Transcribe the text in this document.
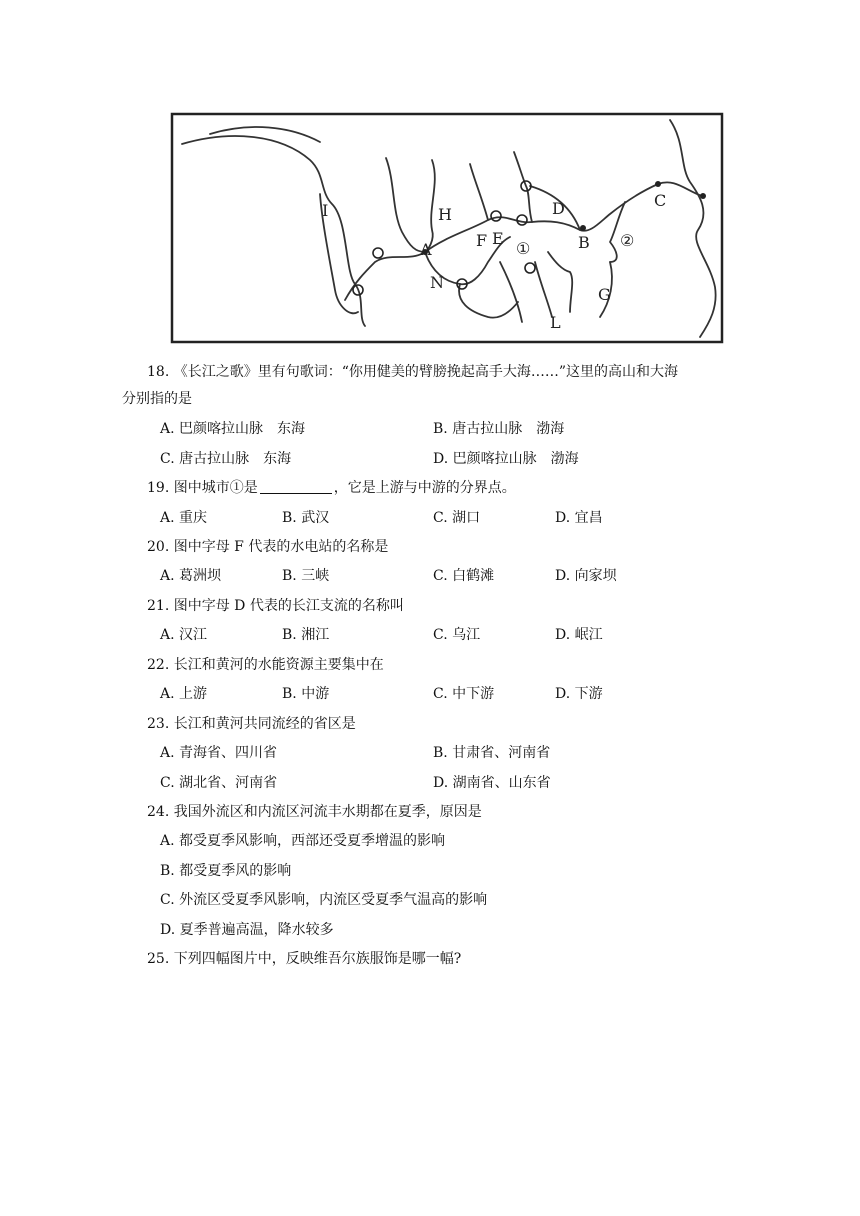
I
A
H
N
F E
①
D
B ②
C
G
L
18. 《长江之歌》里有句歌词：“你用健美的臂膀挽起高手大海……”这里的高山和大海
分别指的是
A. 巴颜喀拉山脉　东海	B. 唐古拉山脉　渤海
C. 唐古拉山脉　东海	D. 巴颜喀拉山脉　渤海
19. 图中城市①是	，它是上游与中游的分界点。
A. 重庆	B. 武汉	C. 湖口	D. 宜昌
20. 图中字母 F 代表的水电站的名称是
A. 葛洲坝	B. 三峡	C. 白鹤滩	D. 向家坝
21. 图中字母 D 代表的长江支流的名称叫
A. 汉江	B. 湘江	C. 乌江	D. 岷江
22. 长江和黄河的水能资源主要集中在
A. 上游	B. 中游	C. 中下游	D. 下游
23. 长江和黄河共同流经的省区是
A. 青海省、四川省	B. 甘肃省、河南省
C. 湖北省、河南省	D. 湖南省、山东省
24. 我国外流区和内流区河流丰水期都在夏季，原因是
A. 都受夏季风影响，西部还受夏季增温的影响
B. 都受夏季风的影响
C. 外流区受夏季风影响，内流区受夏季气温高的影响
D. 夏季普遍高温，降水较多
25. 下列四幅图片中，反映维吾尔族服饰是哪一幅?
